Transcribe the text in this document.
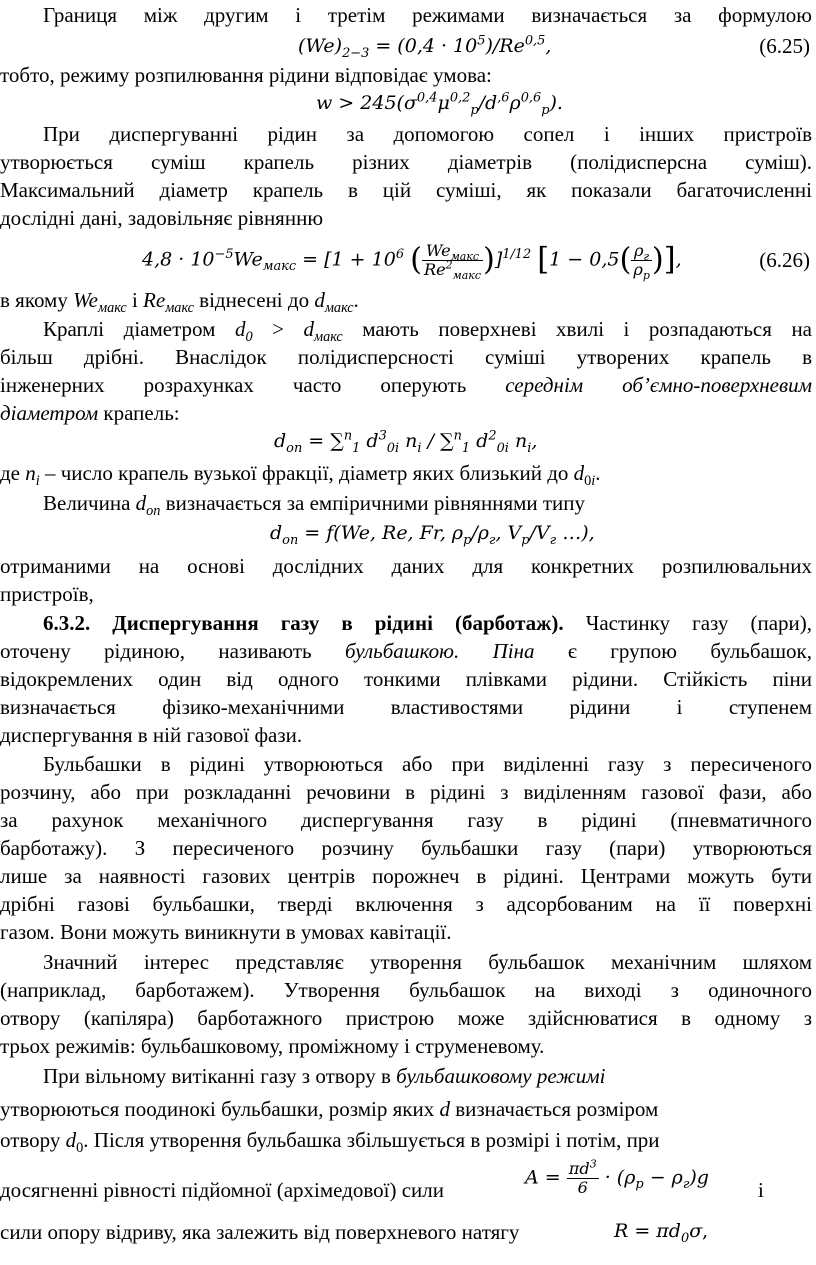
Границя між другим і третім режимами визначається за формулою
$(We)_{2-3} = (0,4 \cdot 10^5)/Re^{0,5}$,	(6.25)
тобто, режиму розпилювання рідини відповідає умова:
$w > 245(\sigma^{0,4}\mu^{0,2}_p/d^{,6}\rho^{0,6}_p)$.
При диспергуванні рідин за допомогою сопел і інших пристроїв
утворюється суміш крапель різних діаметрів (полідисперсна суміш).
Максимальний діаметр крапель в цій суміші, як показали багаточисленні
дослідні дані, задовільняє рівнянню
$4,8 \cdot 10^{-5}We_{макс} = [1 + 10^6$ ( $\frac{We_{макс}}{Re^2_{макс}} )]^{1/12}$ [$1 - 0,5( \frac{\rho_г}{\rho_p}$ )],	(6.26)
в якому $We_{макс}$ і $Re_{макс}$ віднесені до $d_{макс}$.
Краплі діаметром $d_0 > d_{макс}$ мають поверхневі хвилі і розпадаються на
більш дрібні. Внаслідок полідисперсності суміші утворених крапель в
інженерних розрахунках часто оперують середнім об’ємно-поверхневим
діаметром крапель:
$d_{оп} = \sum^n_1$ $d^3_{0i}$ $n_i / \sum^n_1$ $d^2_{0i}$ $n_i$,
де $n_i$ – число крапель вузької фракції, діаметр яких близький до $d_{0i}$.
Величина $d_{оп}$ визначається за емпіричними рівняннями типу
$d_{оп} = f(We$, Re, Fr, $\rho_р/\rho_г$, $V_р/V_г$ …),
отриманими на основі дослідних даних для конкретних розпилювальних
пристроїв,
6.3.2. Диспергування газу в рідині (барботаж). Частинку газу (пари),
оточену рідиною, називають бульбашкою. Піна є групою бульбашок,
відокремлених один від одного тонкими плівками рідини. Стійкість піни
визначається фізико-механічними властивостями рідини і ступенем
диспергування в ній газової фази.
Бульбашки в рідині утворюються або при виділенні газу з пересиченого
розчину, або при розкладанні речовини в рідині з виділенням газової фази, або
за рахунок механічного диспергування газу в рідині (пневматичного
барботажу). З пересиченого розчину бульбашки газу (пари) утворюються
лише за наявності газових центрів порожнеч в рідині. Центрами можуть бути
дрібні газові бульбашки, тверді включення з адсорбованим на її поверхні
газом. Вони можуть виникнути в умовах кавітації.
Значний інтерес представляє утворення бульбашок механічним шляхом
(наприклад, барботажем). Утворення бульбашок на виході з одиночного
отвору (капіляра) барботажного пристрою може здійснюватися в одному з
трьох режимів: бульбашковому, проміжному і струменевому.
При вільному витіканні газу з отвору в бульбашковому режимі
утворюються поодинокі бульбашки, розмір яких d визначається розміром
отвору $d_0$. Після утворення бульбашка збільшується в розмірі і потім, при
досягненні рівності підйомної (архімедової) сили
$A = \frac{\pi d^3}{6} \cdot (\rho_р - \rho_г)g$
і
сили опору відриву, яка залежить від поверхневого натягу	$R = \pi d_0\sigma$,
